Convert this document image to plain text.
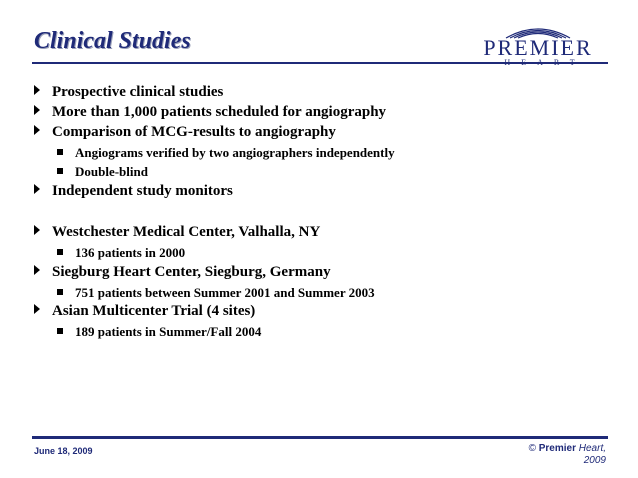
Clinical Studies	PREMIER
Prospective clinical studies
More than 1,000 patients scheduled for angiography
Comparison of MCG-results to angiography
Angiograms verified by two angiographers independently
Double-blind
Independent study monitors
Westchester Medical Center, Valhalla, NY
136 patients in 2000
Siegburg Heart Center, Siegburg, Germany
751 patients between Summer 2001 and Summer 2003
Asian Multicenter Trial (4 sites)
189 patients in Summer/Fall 2004
June 18, 2009	© Premier Heart,
2009
